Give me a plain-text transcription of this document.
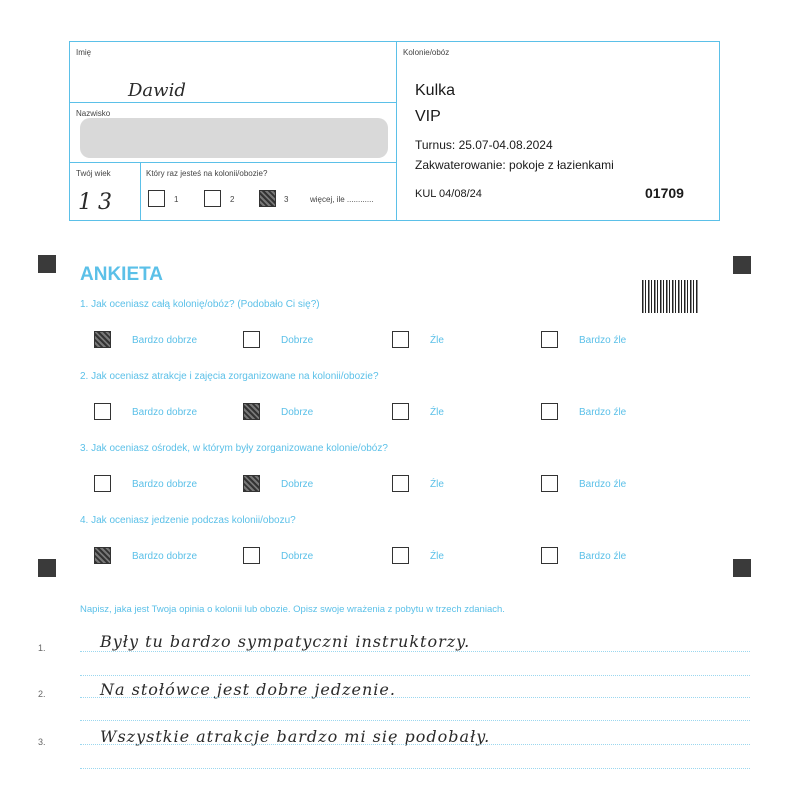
Imię
Dawid
Nazwisko
Twój wiek
13
Który raz jesteś na kolonii/obozie?
1	2	3	więcej, ile ............
Kolonie/obóz
Kulka
VIP
Turnus: 25.07-04.08.2024
Zakwaterowanie: pokoje z łazienkami
KUL 04/08/24	01709
ANKIETA
1. Jak oceniasz całą kolonię/obóz? (Podobało Ci się?)
Bardzo dobrze	Dobrze	Źle	Bardzo źle
2. Jak oceniasz atrakcje i zajęcia zorganizowane na kolonii/obozie?
Bardzo dobrze	Dobrze	Źle	Bardzo źle
3. Jak oceniasz ośrodek, w którym były zorganizowane kolonie/obóz?
Bardzo dobrze	Dobrze	Źle	Bardzo źle
4. Jak oceniasz jedzenie podczas kolonii/obozu?
Bardzo dobrze	Dobrze	Źle	Bardzo źle
Napisz, jaka jest Twoja opinia o kolonii lub obozie. Opisz swoje wrażenia z pobytu w trzech zdaniach.
1.	Były tu bardzo sympatyczni instruktorzy.
2.	Na stołówce jest dobre jedzenie.
3.	Wszystkie atrakcje bardzo mi się podobały.
